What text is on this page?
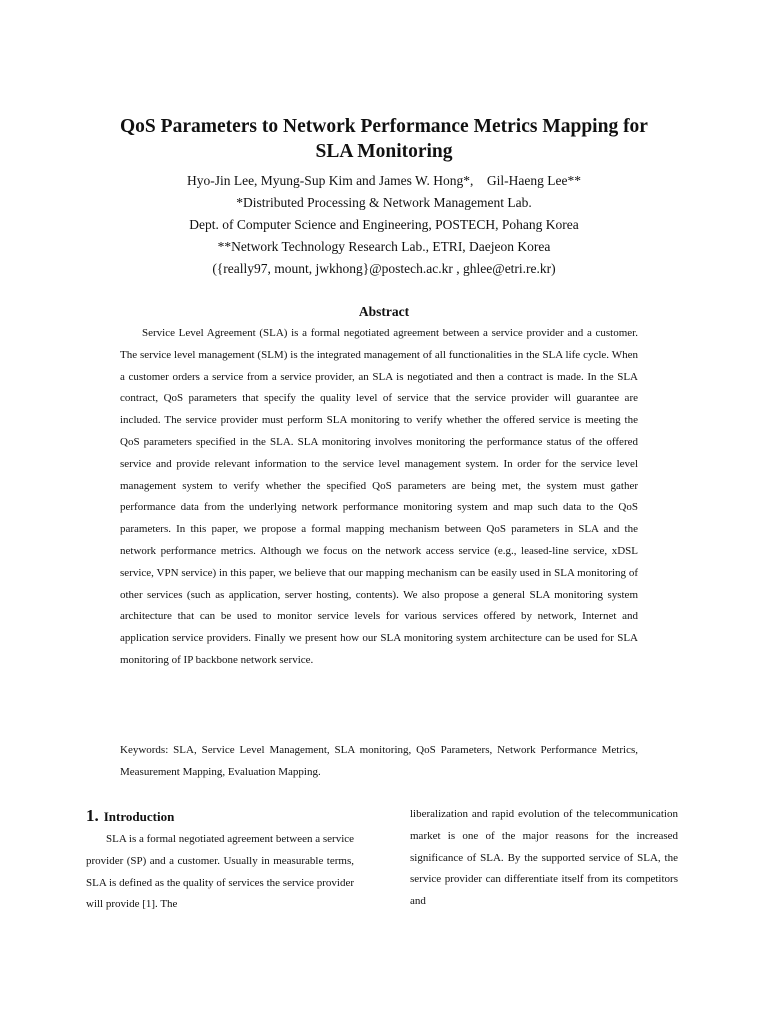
QoS Parameters to Network Performance Metrics Mapping for
SLA Monitoring
Hyo-Jin Lee, Myung-Sup Kim and James W. Hong*,    Gil-Haeng Lee**
*Distributed Processing & Network Management Lab.
Dept. of Computer Science and Engineering, POSTECH, Pohang Korea
**Network Technology Research Lab., ETRI, Daejeon Korea
({really97, mount, jwkhong}@postech.ac.kr , ghlee@etri.re.kr)
Abstract

Service Level Agreement (SLA) is a formal negotiated agreement between a service provider and a customer. The service level management (SLM) is the integrated management of all functionalities in the SLA life cycle. When a customer orders a service from a service provider, an SLA is negotiated and then a contract is made. In the SLA contract, QoS parameters that specify the quality level of service that the service provider will guarantee are included. The service provider must perform SLA monitoring to verify whether the offered service is meeting the QoS parameters specified in the SLA. SLA monitoring involves monitoring the performance status of the offered service and provide relevant information to the service level management system. In order for the service level management system to verify whether the specified QoS parameters are being met, the system must gather performance data from the underlying network performance monitoring system and map such data to the QoS parameters. In this paper, we propose a formal mapping mechanism between QoS parameters in SLA and the network performance metrics. Although we focus on the network access service (e.g., leased-line service, xDSL service, VPN service) in this paper, we believe that our mapping mechanism can be easily used in SLA monitoring of other services (such as application, server hosting, contents). We also propose a general SLA monitoring system architecture that can be used to monitor service levels for various services offered by network, Internet and application service providers. Finally we present how our SLA monitoring system architecture can be used for SLA monitoring of IP backbone network service.

Keywords: SLA, Service Level Management, SLA monitoring, QoS Parameters, Network Performance Metrics, Measurement Mapping, Evaluation Mapping.

1. Introduction

SLA is a formal negotiated agreement between a service provider (SP) and a customer. Usually in measurable terms, SLA is defined as the quality of services the service provider will provide [1]. The

liberalization and rapid evolution of the telecommunication market is one of the major reasons for the increased significance of SLA. By the supported service of SLA, the service provider can differentiate itself from its competitors and
